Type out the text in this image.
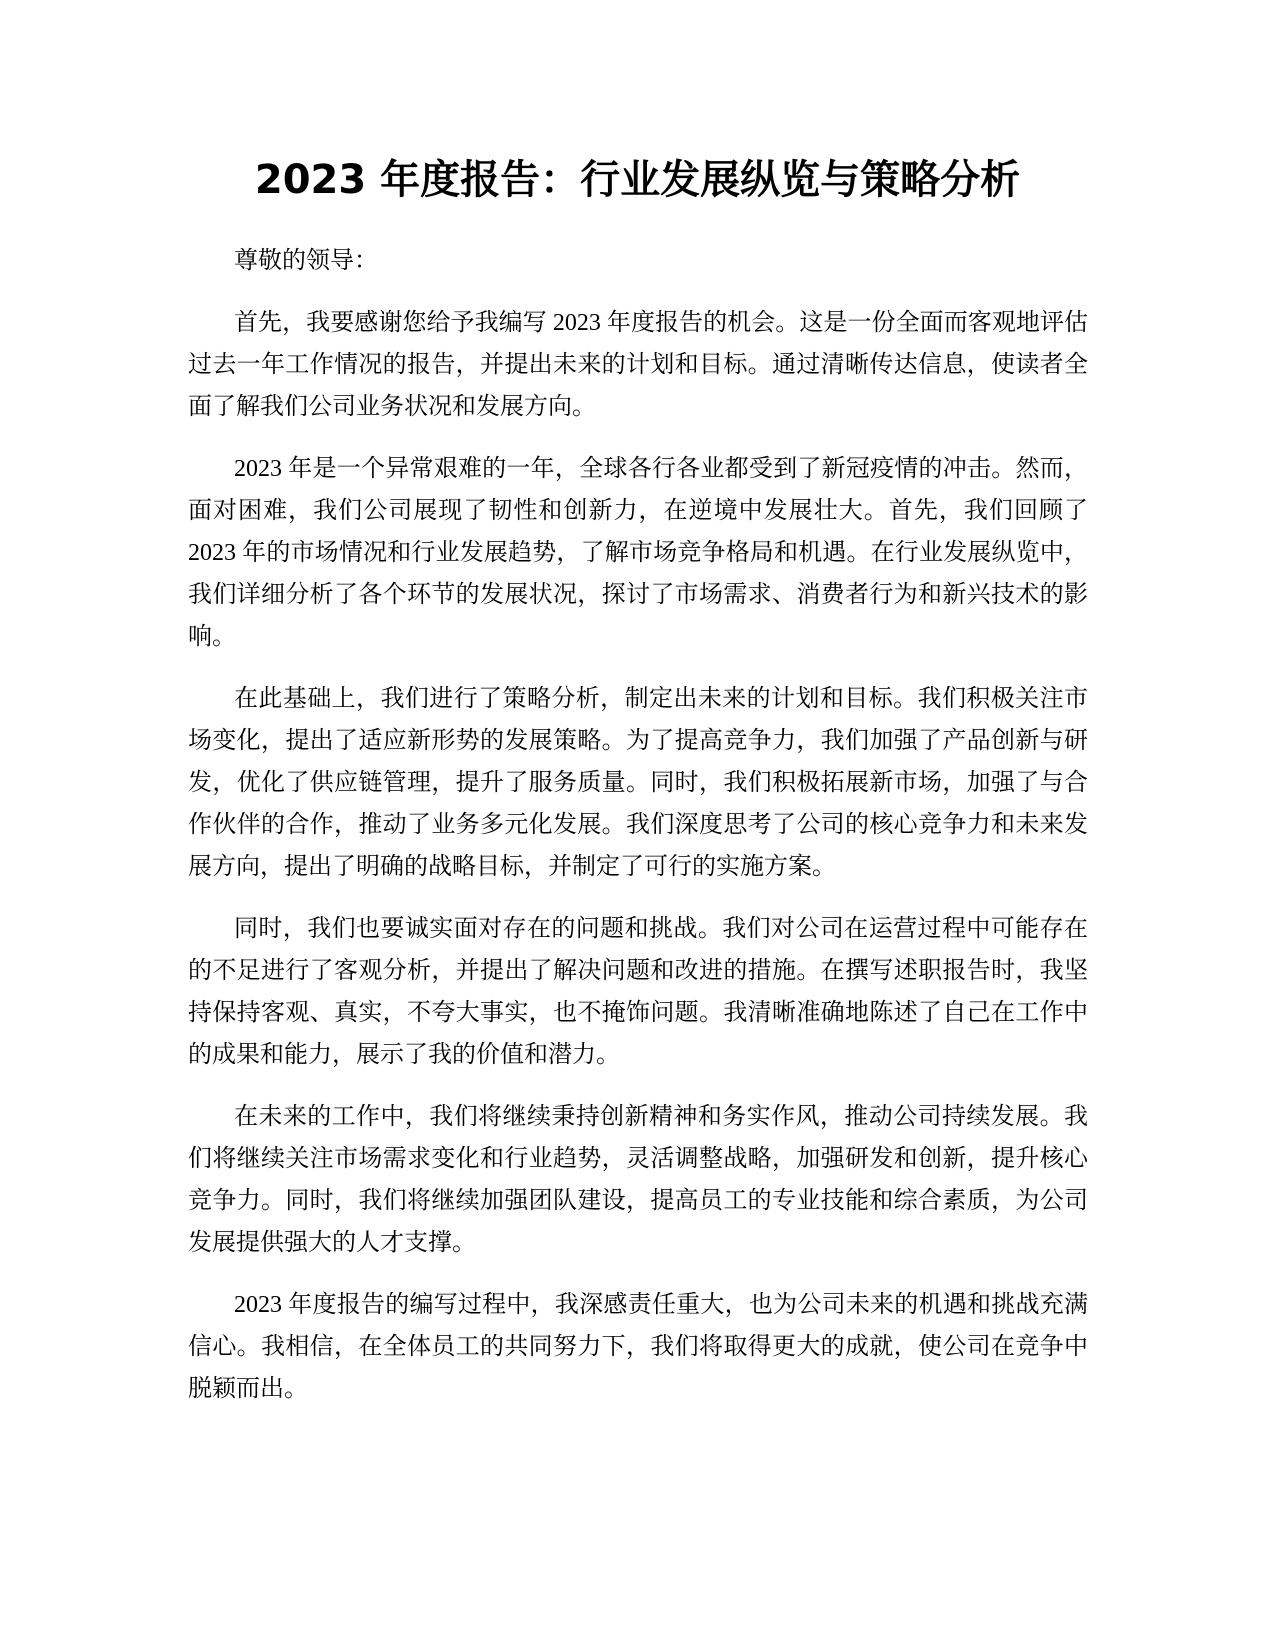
2023 年度报告：行业发展纵览与策略分析

尊敬的领导：

首先，我要感谢您给予我编写 2023 年度报告的机会。这是一份全面而客观地评估过去一年工作情况的报告，并提出未来的计划和目标。通过清晰传达信息，使读者全面了解我们公司业务状况和发展方向。

2023 年是一个异常艰难的一年，全球各行各业都受到了新冠疫情的冲击。然而，面对困难，我们公司展现了韧性和创新力，在逆境中发展壮大。首先，我们回顾了 2023 年的市场情况和行业发展趋势，了解市场竞争格局和机遇。在行业发展纵览中，我们详细分析了各个环节的发展状况，探讨了市场需求、消费者行为和新兴技术的影响。

在此基础上，我们进行了策略分析，制定出未来的计划和目标。我们积极关注市场变化，提出了适应新形势的发展策略。为了提高竞争力，我们加强了产品创新与研发，优化了供应链管理，提升了服务质量。同时，我们积极拓展新市场，加强了与合作伙伴的合作，推动了业务多元化发展。我们深度思考了公司的核心竞争力和未来发展方向，提出了明确的战略目标，并制定了可行的实施方案。

同时，我们也要诚实面对存在的问题和挑战。我们对公司在运营过程中可能存在的不足进行了客观分析，并提出了解决问题和改进的措施。在撰写述职报告时，我坚持保持客观、真实，不夸大事实，也不掩饰问题。我清晰准确地陈述了自己在工作中的成果和能力，展示了我的价值和潜力。

在未来的工作中，我们将继续秉持创新精神和务实作风，推动公司持续发展。我们将继续关注市场需求变化和行业趋势，灵活调整战略，加强研发和创新，提升核心竞争力。同时，我们将继续加强团队建设，提高员工的专业技能和综合素质，为公司发展提供强大的人才支撑。

2023 年度报告的编写过程中，我深感责任重大，也为公司未来的机遇和挑战充满信心。我相信，在全体员工的共同努力下，我们将取得更大的成就，使公司在竞争中脱颖而出。
